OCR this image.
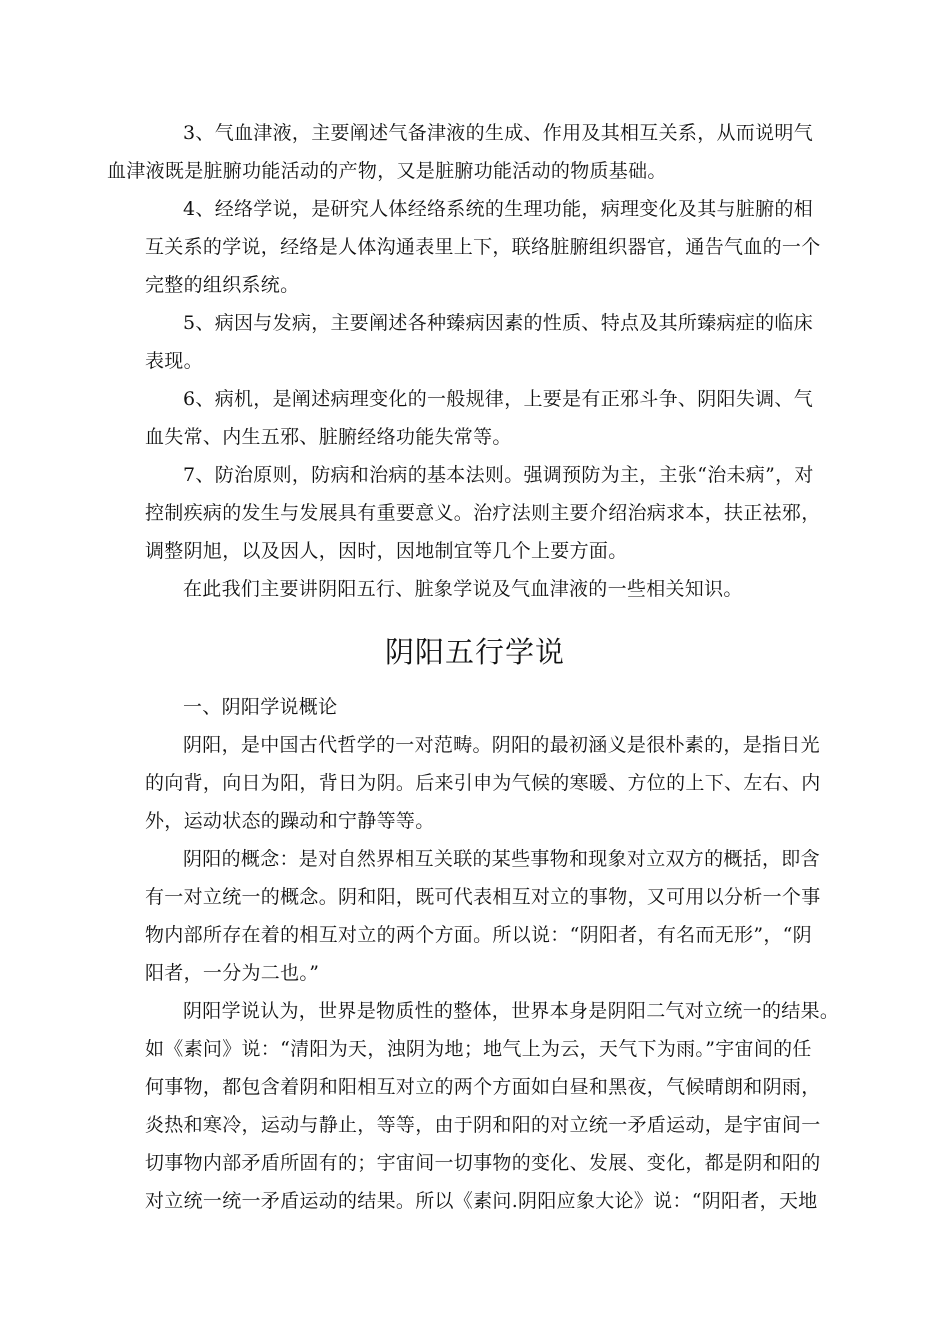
3、气血津液，主要阐述气备津液的生成、作用及其相互关系，从而说明气
血津液既是脏腑功能活动的产物，又是脏腑功能活动的物质基础。

4、经络学说，是研究人体经络系统的生理功能，病理变化及其与脏腑的相
互关系的学说，经络是人体沟通表里上下，联络脏腑组织器官，通告气血的一个
完整的组织系统。

5、病因与发病，主要阐述各种臻病因素的性质、特点及其所臻病症的临床
表现。

6、病机，是阐述病理变化的一般规律，上要是有正邪斗争、阴阳失调、气
血失常、内生五邪、脏腑经络功能失常等。

7、防治原则，防病和治病的基本法则。强调预防为主，主张“治未病”，对
控制疾病的发生与发展具有重要意义。治疗法则主要介绍治病求本，扶正祛邪，
调整阴旭，以及因人，因时，因地制宜等几个上要方面。

在此我们主要讲阴阳五行、脏象学说及气血津液的一些相关知识。

阴阳五行学说

一、阴阳学说概论

阴阳，是中国古代哲学的一对范畴。阴阳的最初涵义是很朴素的，是指日光
的向背，向日为阳，背日为阴。后来引申为气候的寒暖、方位的上下、左右、内
外，运动状态的躁动和宁静等等。

阴阳的概念：是对自然界相互关联的某些事物和现象对立双方的概括，即含
有一对立统一的概念。阴和阳，既可代表相互对立的事物，又可用以分析一个事
物内部所存在着的相互对立的两个方面。所以说：“阴阳者，有名而无形”，“阴
阳者，一分为二也。”

阴阳学说认为，世界是物质性的整体，世界本身是阴阳二气对立统一的结果。
如《素问》说：“清阳为天，浊阴为地；地气上为云，天气下为雨。”宇宙间的任
何事物，都包含着阴和阳相互对立的两个方面如白昼和黑夜，气候晴朗和阴雨，
炎热和寒冷，运动与静止，等等，由于阴和阳的对立统一矛盾运动，是宇宙间一
切事物内部矛盾所固有的；宇宙间一切事物的变化、发展、变化，都是阴和阳的
对立统一统一矛盾运动的结果。所以《素问.阴阳应象大论》说：“阴阳者，天地
